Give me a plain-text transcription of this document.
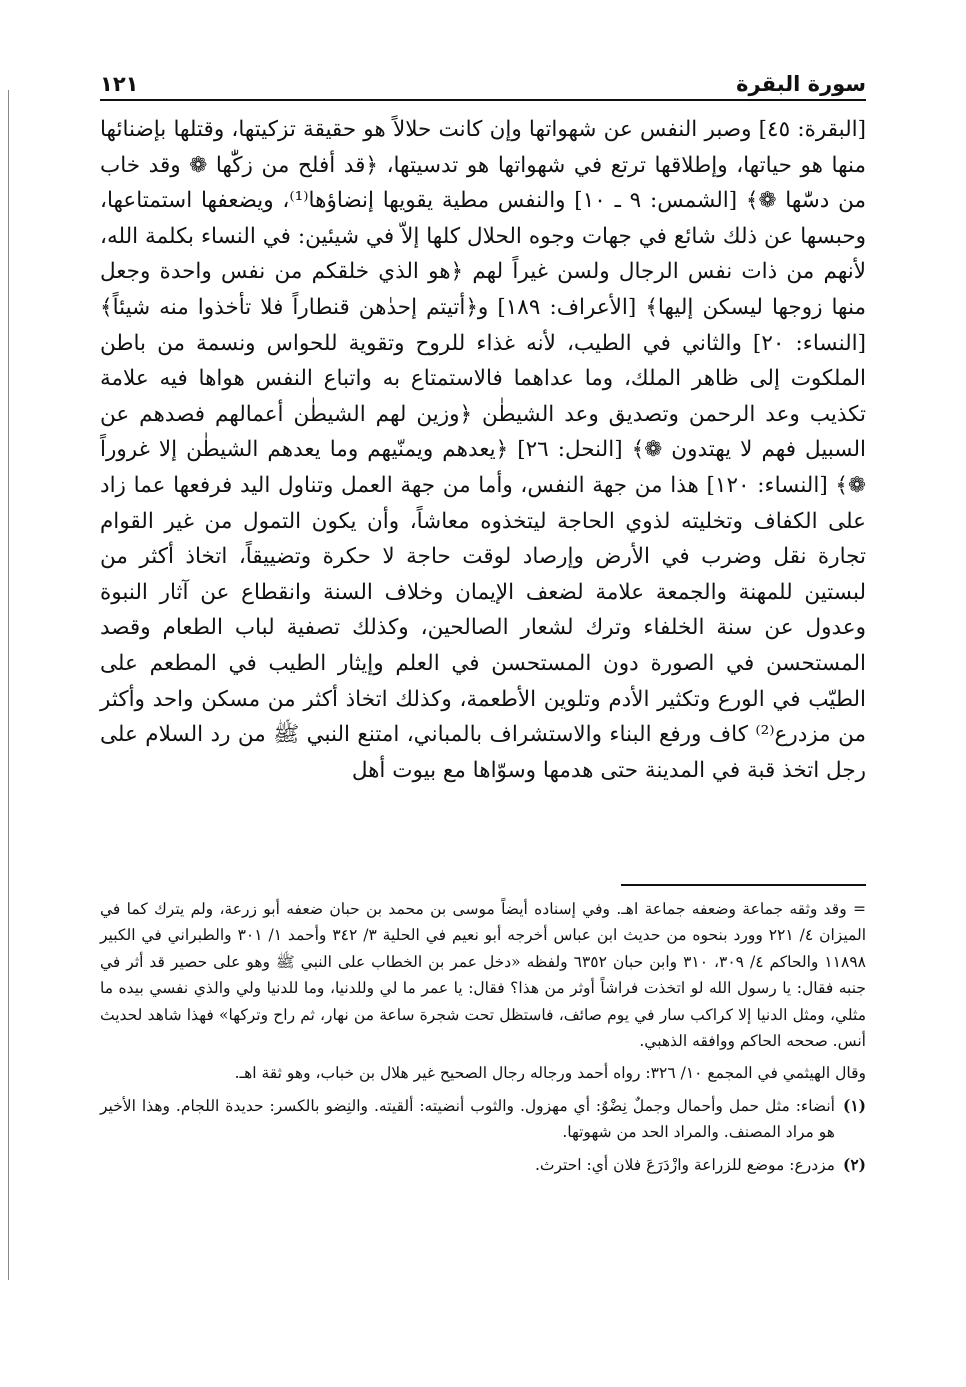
سورة البقرة
١٢١

[البقرة: ٤٥] وصبر النفس عن شهواتها وإن كانت حلالاً هو حقيقة تزكيتها، وقتلها بإضنائها منها هو حياتها، وإطلاقها ترتع في شهواتها هو تدسيتها، ﴿قد أفلح من زكّٰها ❁ وقد خاب من دسّٰها ❁﴾ [الشمس: ٩ ـ ١٠] والنفس مطية يقويها إنضاؤها⁽¹⁾، ويضعفها استمتاعها، وحبسها عن ذلك شائع في جهات وجوه الحلال كلها إلاّ في شيئين: في النساء بكلمة الله، لأنهم من ذات نفس الرجال ولسن غيراً لهم ﴿هو الذي خلقكم من نفس واحدة وجعل منها زوجها ليسكن إليها﴾ [الأعراف: ١٨٩] و﴿أتيتم إحدٰهن قنطاراً فلا تأخذوا منه شيئاً﴾ [النساء: ٢٠] والثاني في الطيب، لأنه غذاء للروح وتقوية للحواس ونسمة من باطن الملكوت إلى ظاهر الملك، وما عداهما فالاستمتاع به واتباع النفس هواها فيه علامة تكذيب وعد الرحمن وتصديق وعد الشيطٰن ﴿وزين لهم الشيطٰن أعمالهم فصدهم عن السبيل فهم لا يهتدون ❁﴾ [النحل: ٢٦] ﴿يعدهم ويمنّيهم وما يعدهم الشيطٰن إلا غروراً ❁﴾ [النساء: ١٢٠] هذا من جهة النفس، وأما من جهة العمل وتناول اليد فرفعها عما زاد على الكفاف وتخليته لذوي الحاجة ليتخذوه معاشاً، وأن يكون التمول من غير القوام تجارة نقل وضرب في الأرض وإرصاد لوقت حاجة لا حكرة وتضييقاً، اتخاذ أكثر من لبستين للمهنة والجمعة علامة لضعف الإيمان وخلاف السنة وانقطاع عن آثار النبوة وعدول عن سنة الخلفاء وترك لشعار الصالحين، وكذلك تصفية لباب الطعام وقصد المستحسن في الصورة دون المستحسن في العلم وإيثار الطيب في المطعم على الطيّب في الورع وتكثير الأدم وتلوين الأطعمة، وكذلك اتخاذ أكثر من مسكن واحد وأكثر من مزدرع⁽²⁾ كاف ورفع البناء والاستشراف بالمباني، امتنع النبي ﷺ من رد السلام على رجل اتخذ قبة في المدينة حتى هدمها وسوّاها مع بيوت أهل

= وقد وثقه جماعة وضعفه جماعة اهـ. وفي إسناده أيضاً موسى بن محمد بن حبان ضعفه أبو زرعة، ولم يترك كما في الميزان ٤/ ٢٢١ وورد بنحوه من حديث ابن عباس أخرجه أبو نعيم في الحلية ٣/ ٣٤٢ وأحمد ١/ ٣٠١ والطبراني في الكبير ١١٨٩٨ والحاكم ٤/ ٣٠٩، ٣١٠ وابن حبان ٦٣٥٢ ولفظه «دخل عمر بن الخطاب على النبي ﷺ وهو على حصير قد أثر في جنبه فقال: يا رسول الله لو اتخذت فراشاً أوثر من هذا؟ فقال: يا عمر ما لي وللدنيا، وما للدنيا ولي والذي نفسي بيده ما مثلي، ومثل الدنيا إلا كراكب سار في يوم صائف، فاستظل تحت شجرة ساعة من نهار، ثم راح وتركها» فهذا شاهد لحديث أنس. صححه الحاكم ووافقه الذهبي.

وقال الهيثمي في المجمع ١٠/ ٣٢٦: رواه أحمد ورجاله رجال الصحيح غير هلال بن خباب، وهو ثقة اهـ.

(١)
أنضاء: مثل حمل وأحمال وجملٌ نِضْوٌ: أي مهزول. والثوب أنضيته: ألقيته. والنِضو بالكسر: حديدة اللجام. وهذا الأخير هو مراد المصنف. والمراد الحد من شهوتها.
(٢)
مزدرع: موضع للزراعة وازْدَرَعَ فلان أي: احترث.
